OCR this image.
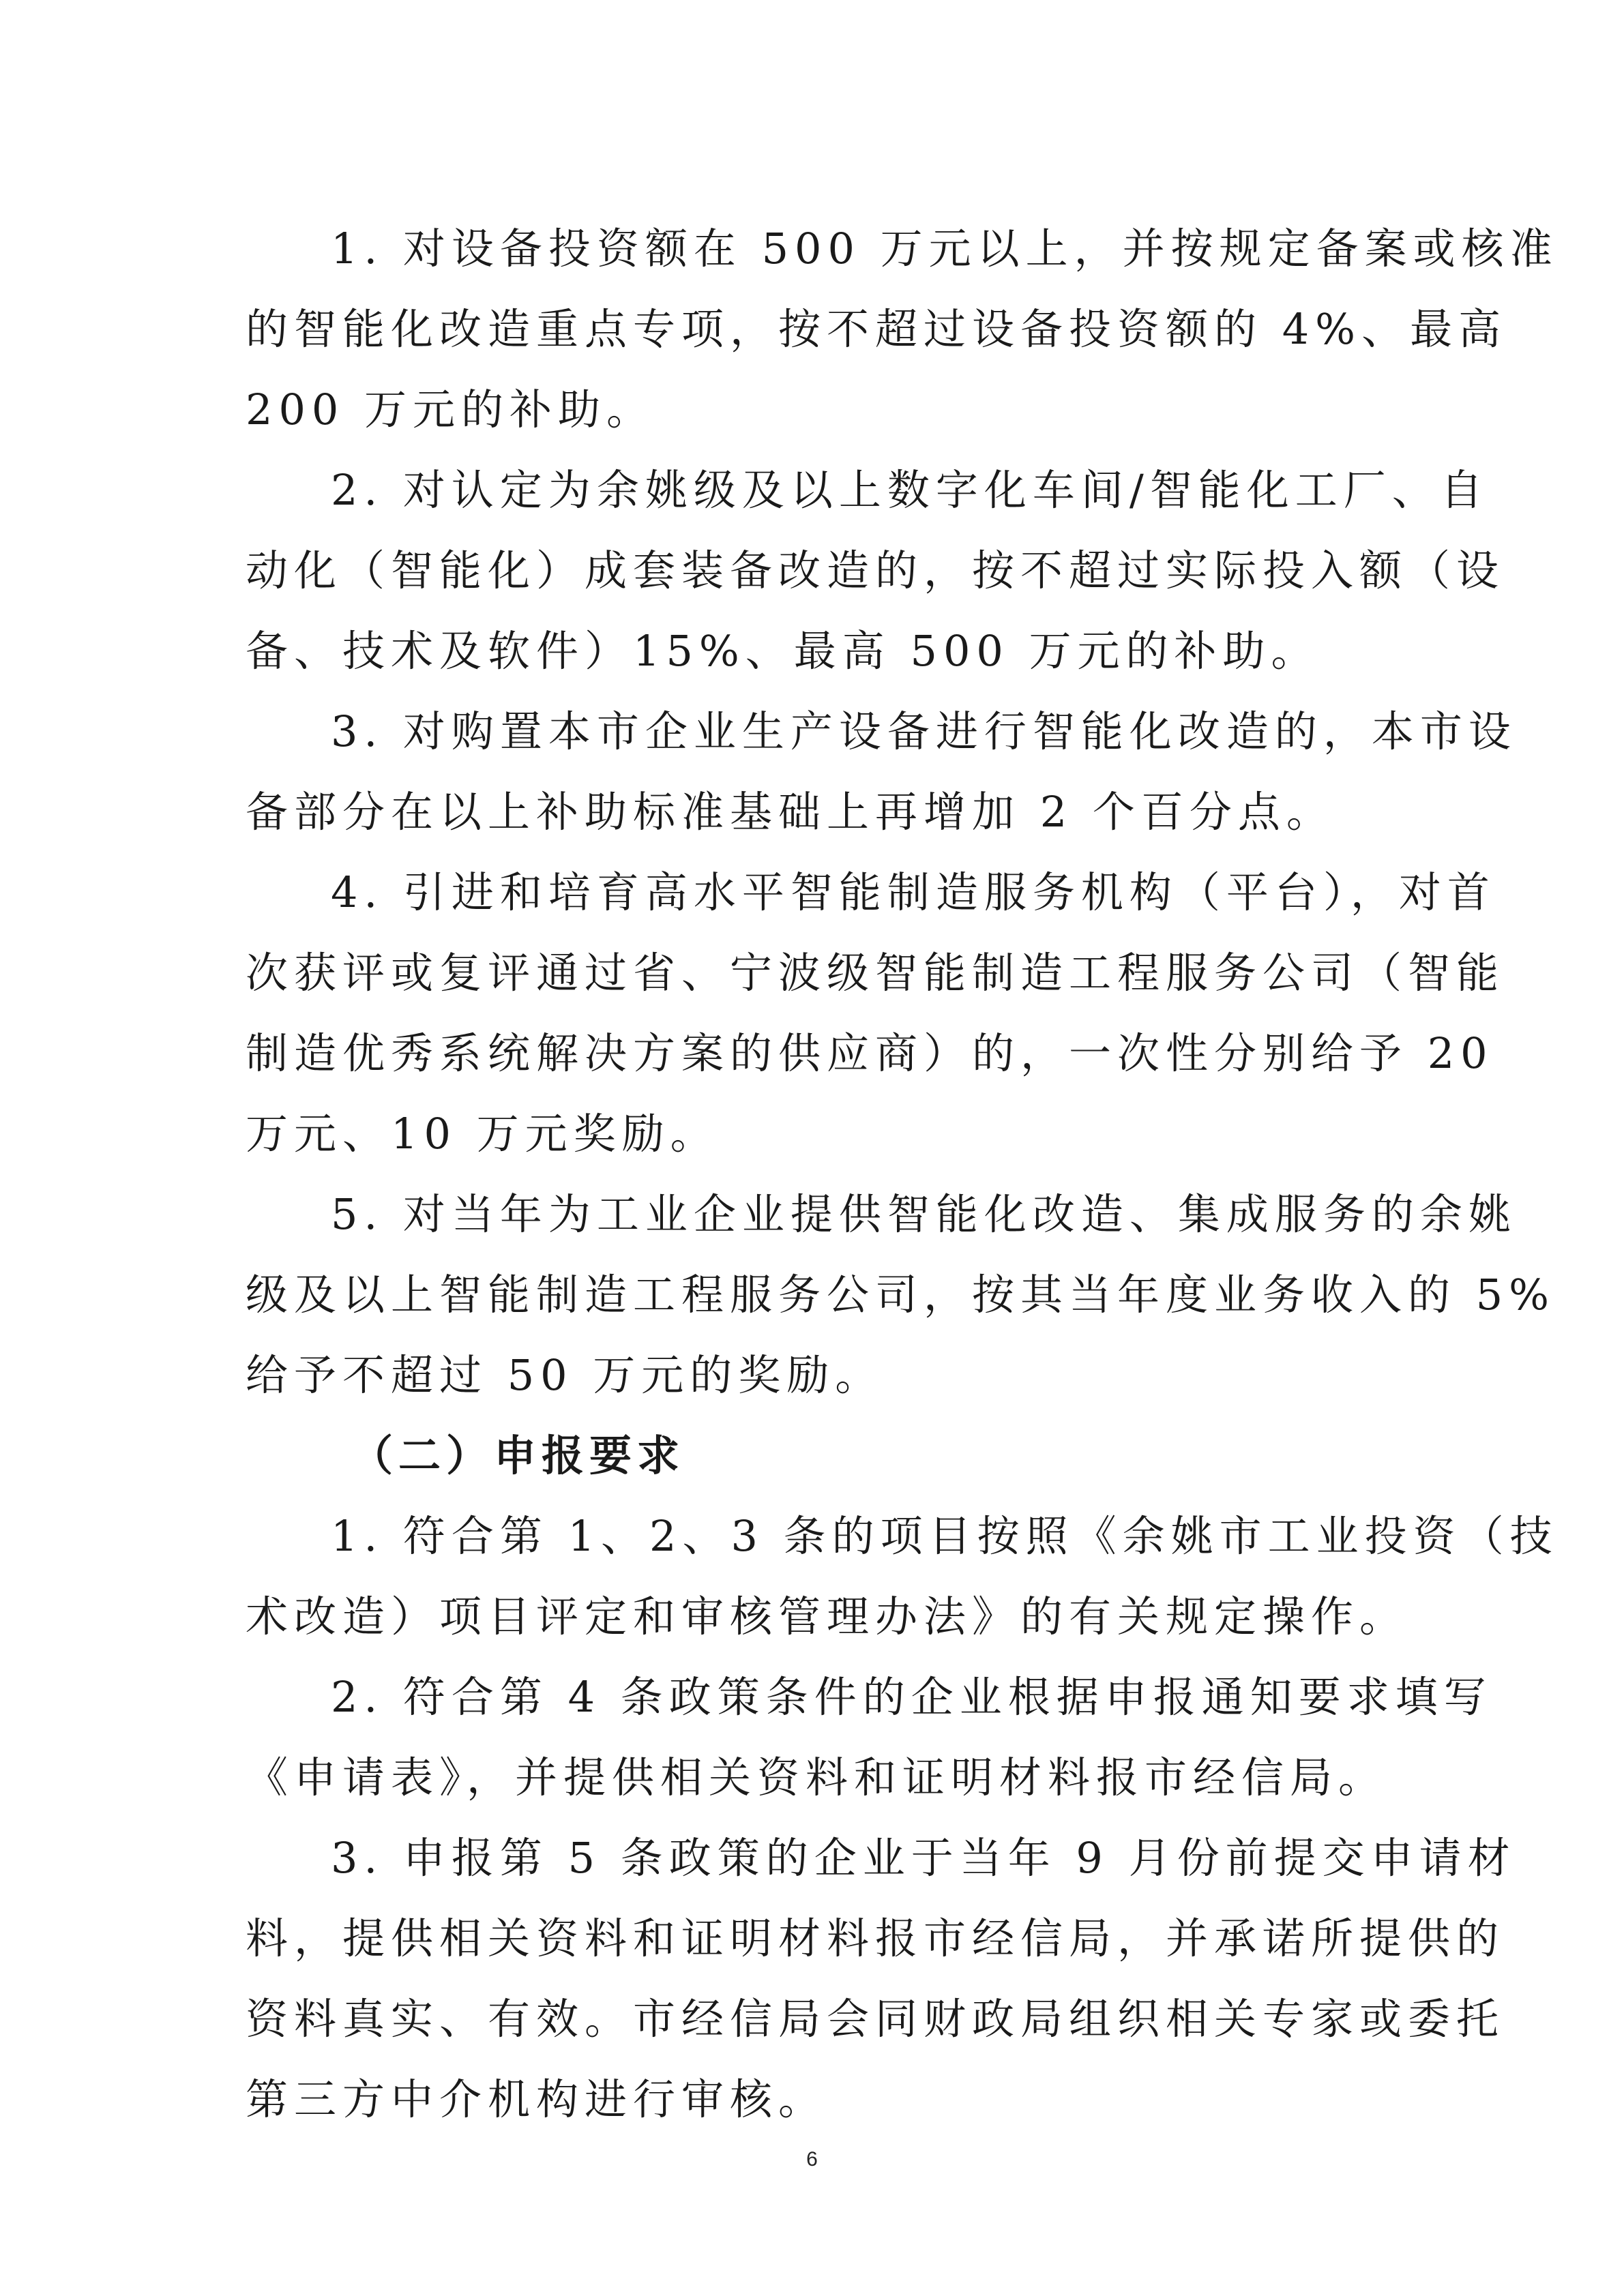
1. 对设备投资额在 500 万元以上，并按规定备案或核准
的智能化改造重点专项，按不超过设备投资额的 4%、最高
200 万元的补助。
2. 对认定为余姚级及以上数字化车间/智能化工厂、自
动化（智能化）成套装备改造的，按不超过实际投入额（设
备、技术及软件）15%、最高 500 万元的补助。
3. 对购置本市企业生产设备进行智能化改造的，本市设
备部分在以上补助标准基础上再增加 2 个百分点。
4. 引进和培育高水平智能制造服务机构（平台），对首
次获评或复评通过省、宁波级智能制造工程服务公司（智能
制造优秀系统解决方案的供应商）的，一次性分别给予 20
万元、10 万元奖励。
5. 对当年为工业企业提供智能化改造、集成服务的余姚
级及以上智能制造工程服务公司，按其当年度业务收入的 5%
给予不超过 50 万元的奖励。
（二）申报要求
1. 符合第 1、2、3 条的项目按照《余姚市工业投资（技
术改造）项目评定和审核管理办法》的有关规定操作。
2. 符合第 4 条政策条件的企业根据申报通知要求填写
《申请表》，并提供相关资料和证明材料报市经信局。
3. 申报第 5 条政策的企业于当年 9 月份前提交申请材
料，提供相关资料和证明材料报市经信局，并承诺所提供的
资料真实、有效。市经信局会同财政局组织相关专家或委托
第三方中介机构进行审核。
6
